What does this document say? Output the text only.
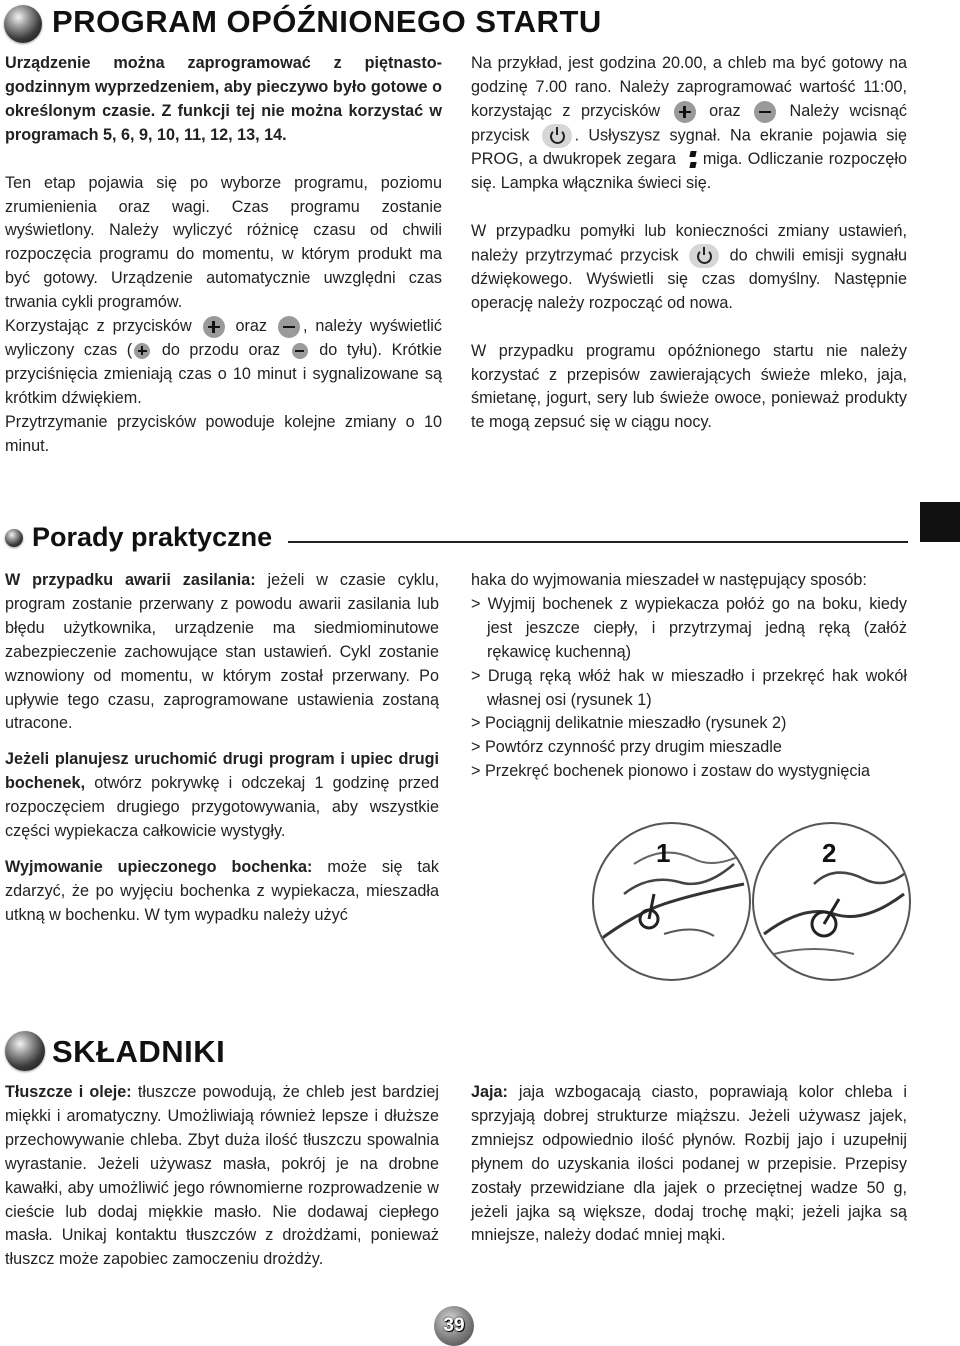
PROGRAM OPÓŹNIONEGO STARTU

Urządzenie można zaprogramować z piętnasto-godzinnym wyprzedzeniem, aby pieczywo było gotowe o określonym czasie. Z funkcji tej nie można korzystać w programach 5, 6, 9, 10, 11, 12, 13, 14.

Ten etap pojawia się po wyborze programu, poziomu zrumienienia oraz wagi. Czas programu zostanie wyświetlony. Należy wyliczyć różnicę czasu od chwili rozpoczęcia programu do momentu, w którym produkt ma być gotowy. Urządzenie automatycznie uwzględni czas trwania cykli programów.

Korzystając z przycisków	oraz , należy wyświetlić wyliczony czas ( do przodu oraz do tyłu). Krótkie przyciśnięcia zmieniają czas o 10 minut i sygnalizowane są krótkim dźwiękiem.

Przytrzymanie przycisków powoduje kolejne zmiany o 10 minut.

Na przykład, jest godzina 20.00, a chleb ma być gotowy na godzinę 7.00 rano. Należy zaprogramować wartość 11:00, korzystając z przycisków	oraz	Należy wcisnąć przycisk	. Usłyszysz sygnał. Na ekranie pojawia się PROG, a dwukropek zegara miga. Odliczanie rozpoczęło się. Lampka włącznika świeci się.

W przypadku pomyłki lub konieczności zmiany ustawień, należy przytrzymać przycisk	do chwili emisji sygnału dźwiękowego. Wyświetli się czas domyślny. Następnie operację należy rozpocząć od nowa.

W przypadku programu opóźnionego startu nie należy korzystać z przepisów zawierających świeże mleko, jaja, śmietanę, jogurt, sery lub świeże owoce, ponieważ produkty te mogą zepsuć się w ciągu nocy.

Porady praktyczne

W przypadku awarii zasilania: jeżeli w czasie cyklu, program zostanie przerwany z powodu awarii zasilania lub błędu użytkownika, urządzenie ma siedmiominutowe zabezpieczenie zachowujące stan ustawień. Cykl zostanie wznowiony od momentu, w którym został przerwany. Po upływie tego czasu, zaprogramowane ustawienia zostaną utracone.

Jeżeli planujesz uruchomić drugi program i upiec drugi bochenek, otwórz pokrywkę i odczekaj 1 godzinę przed rozpoczęciem drugiego przygotowywania, aby wszystkie części wypiekacza całkowicie wystygły.

Wyjmowanie upieczonego bochenka: może się tak zdarzyć, że po wyjęciu bochenka z wypiekacza, mieszadła utkną w bochenku. W tym wypadku należy użyć

haka do wyjmowania mieszadeł w następujący sposób:

> Wyjmij bochenek z wypiekacza połóż go na boku, kiedy jest jeszcze ciepły, i przytrzymaj jedną ręką (załóż rękawicę kuchenną)

> Drugą ręką włóż hak w mieszadło i przekręć hak wokół własnej osi (rysunek 1)

> Pociągnij delikatnie mieszadło (rysunek 2)

> Powtórz czynność przy drugim mieszadle

> Przekręć bochenek pionowo i zostaw do wystygnięcia

1	2
SKŁADNIKI

Tłuszcze i oleje: tłuszcze powodują, że chleb jest bardziej miękki i aromatyczny. Umożliwiają również lepsze i dłuższe przechowywanie chleba. Zbyt duża ilość tłuszczu spowalnia wyrastanie. Jeżeli używasz masła, pokrój je na drobne kawałki, aby umożliwić jego równomierne rozprowadzenie w cieście lub dodaj miękkie masło. Nie dodawaj ciepłego masła. Unikaj kontaktu tłuszczów z drożdżami, ponieważ tłuszcz może zapobiec zamoczeniu drożdży.

Jaja: jaja wzbogacają ciasto, poprawiają kolor chleba i sprzyjają dobrej strukturze miąższu. Jeżeli używasz jajek, zmniejsz odpowiednio ilość płynów. Rozbij jajo i uzupełnij płynem do uzyskania ilości podanej w przepisie. Przepisy zostały przewidziane dla jajek o przeciętnej wadze 50 g, jeżeli jajka są większe, dodaj trochę mąki; jeżeli jajka są mniejsze, należy dodać mniej mąki.

39
